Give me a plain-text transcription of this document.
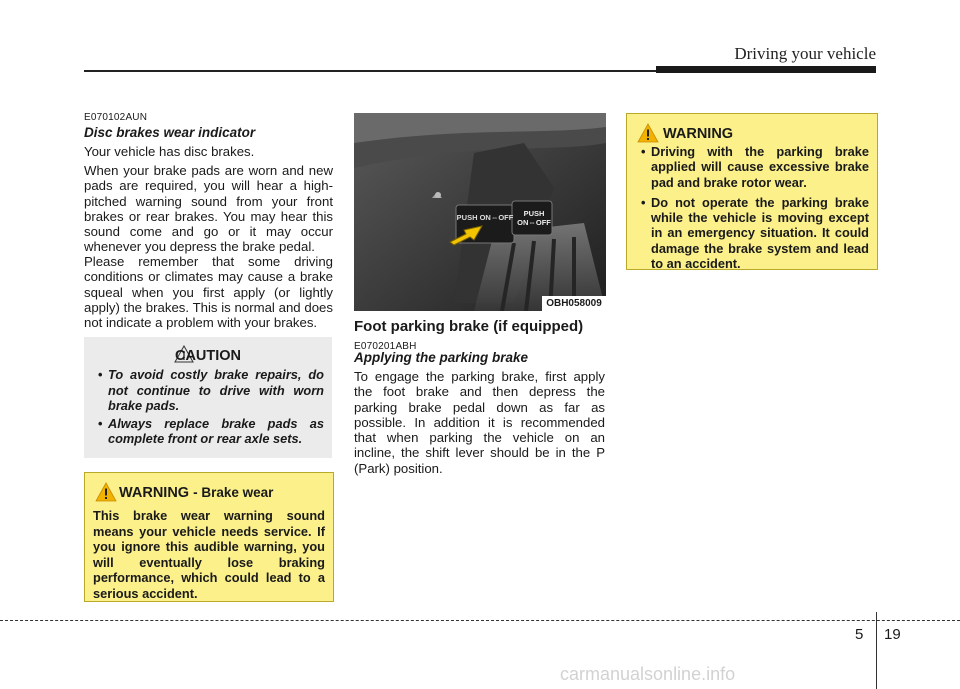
Driving your vehicle
E070102AUN
Disc brakes wear indicator

Your vehicle has disc brakes.

When your brake pads are worn and new pads are required, you will hear a high-pitched warning sound from your front brakes or rear brakes. You may hear this sound come and go or it may occur whenever you depress the brake pedal.

Please remember that some driving conditions or climates may cause a brake squeal when you first apply (or lightly apply) the brakes. This is normal and does not indicate a problem with your brakes.

CAUTION
• To avoid costly brake repairs, do not continue to drive with worn brake pads.
• Always replace brake pads as complete front or rear axle sets.
WARNING - Brake wear
This brake wear warning sound means your vehicle needs service. If you ignore this audible warning, you will eventually lose braking performance, which could lead to a serious accident.
PUSH ON⇔OFF	PUSH ON⇔OFF
OBH058009
Foot parking brake (if equipped)
E070201ABH
Applying the parking brake

To engage the parking brake, first apply the foot brake and then depress the parking brake pedal down as far as possible. In addition it is recommended that when parking the vehicle on an incline, the shift lever should be in the P (Park) position.

WARNING
• Driving with the parking brake applied will cause excessive brake pad and brake rotor wear.
• Do not operate the parking brake while the vehicle is moving except in an emergency situation. It could damage the brake system and lead to an accident.
5 19
carmanualsonline.info
